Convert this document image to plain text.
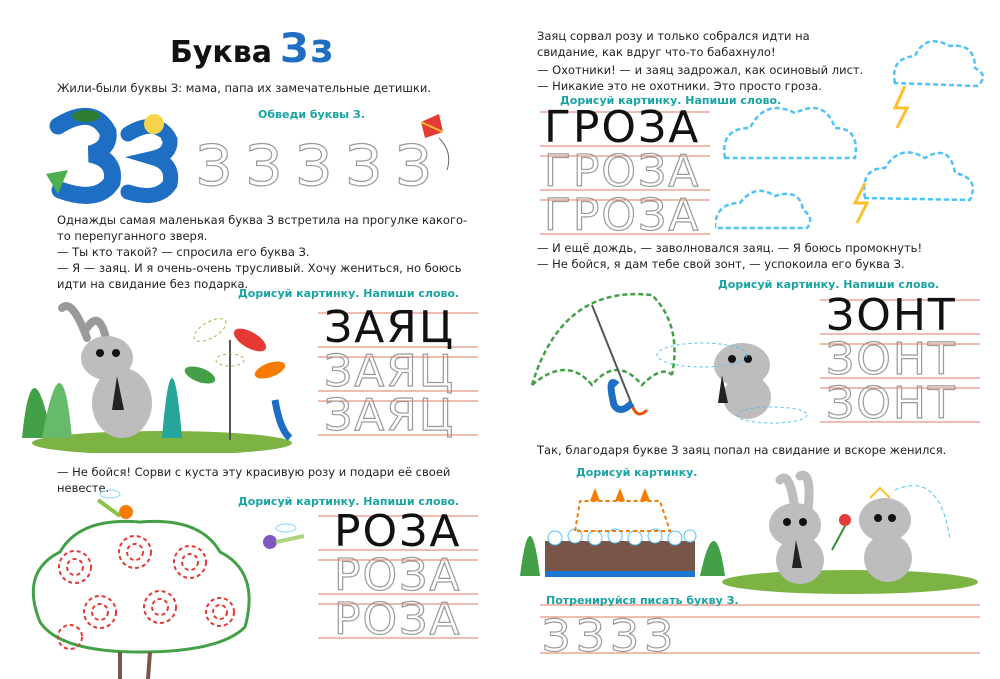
Буква Зз

Жили-были буквы З: мама, папа их замечательные детишки.

Обведи буквы З.
ЗЗЗЗЗ

Однажды самая маленькая буква З встретила на прогулке какого-то перепуганного зверя.

— Ты кто такой? — спросила его буква З.

— Я — заяц. И я очень-очень трусливый. Хочу жениться, но боюсь идти на свидание без подарка.

Дорисуй картинку. Напиши слово.
ЗАЯЦ
ЗАЯЦ
ЗАЯЦ

— Не бойся! Сорви с куста эту красивую розу и подари её своей невесте.

Дорисуй картинку. Напиши слово.
РОЗА
РОЗА
РОЗА

Заяц сорвал розу и только собрался идти на свидание, как вдруг что-то бабахнуло!

— Охотники! — и заяц задрожал, как осиновый лист.

— Никакие это не охотники. Это просто гроза.

Дорисуй картинку. Напиши слово.
ГРОЗА
ГРОЗА
ГРОЗА

— И ещё дождь, — заволновался заяц. — Я боюсь промокнуть!

— Не бойся, я дам тебе свой зонт, — успокоила его буква З.

Дорисуй картинку. Напиши слово.
ЗОНТ
ЗОНТ
ЗОНТ

Так, благодаря букве З заяц попал на свидание и вскоре женился.

Дорисуй картинку.
Потренируйся писать букву З.
ЗЗЗЗ
